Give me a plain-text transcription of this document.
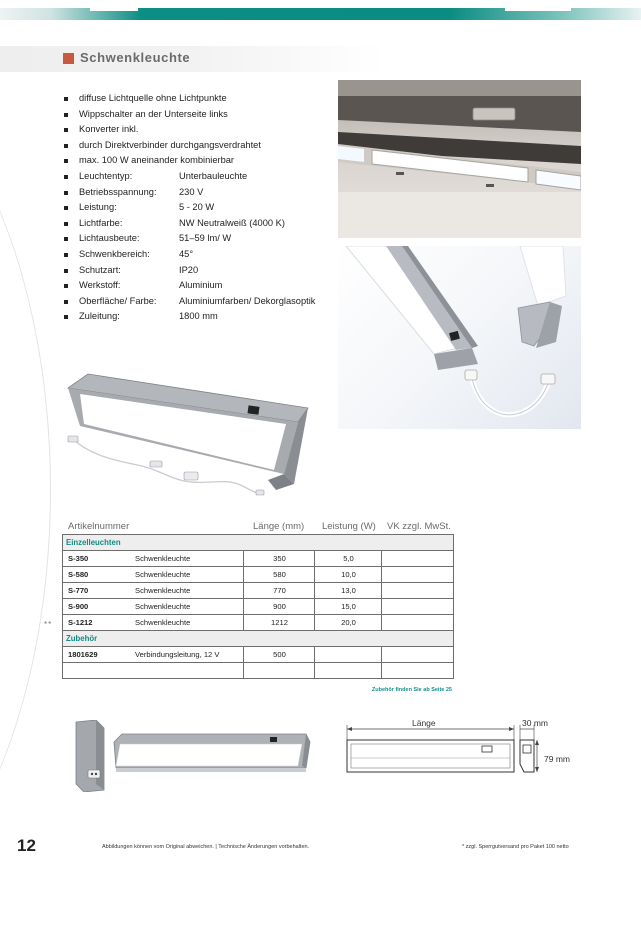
Schwenkleuchte
diffuse Lichtquelle ohne Lichtpunkte
Wippschalter an der Unterseite links
Konverter inkl.
durch Direktverbinder durchgangsverdrahtet
max. 100 W aneinander kombinierbar
Leuchtentyp:	Unterbauleuchte
Betriebsspannung: 230 V
Leistung:	5 - 20 W
Lichtfarbe:	NW Neutralweiß (4000 K)
Lichtausbeute:	51–59 lm/ W
Schwenkbereich:	45°
Schutzart:	IP20
Werkstoff:	Aluminium
Oberfläche/ Farbe: Aluminiumfarben/ Dekorglasoptik
Zuleitung:	1800 mm
Artikelnummer	Länge (mm) Leistung (W) VK zzgl. MwSt.
Einzelleuchten
S-350	Schwenkleuchte	350	5,0
S-580	Schwenkleuchte	580	10,0
S-770	Schwenkleuchte	770	13,0
S-900	Schwenkleuchte	900	15,0
S-1212	Schwenkleuchte	1212	20,0
Zubehör
1801629	Verbindungsleitung, 12 V	500
**
Zubehör finden Sie ab Seite 25
Länge	30 mm
79 mm
12	Abbildungen können vom Original abweichen. | Technische Änderungen vorbehalten.	* zzgl. Sperrgutversand pro Paket 100 netto
